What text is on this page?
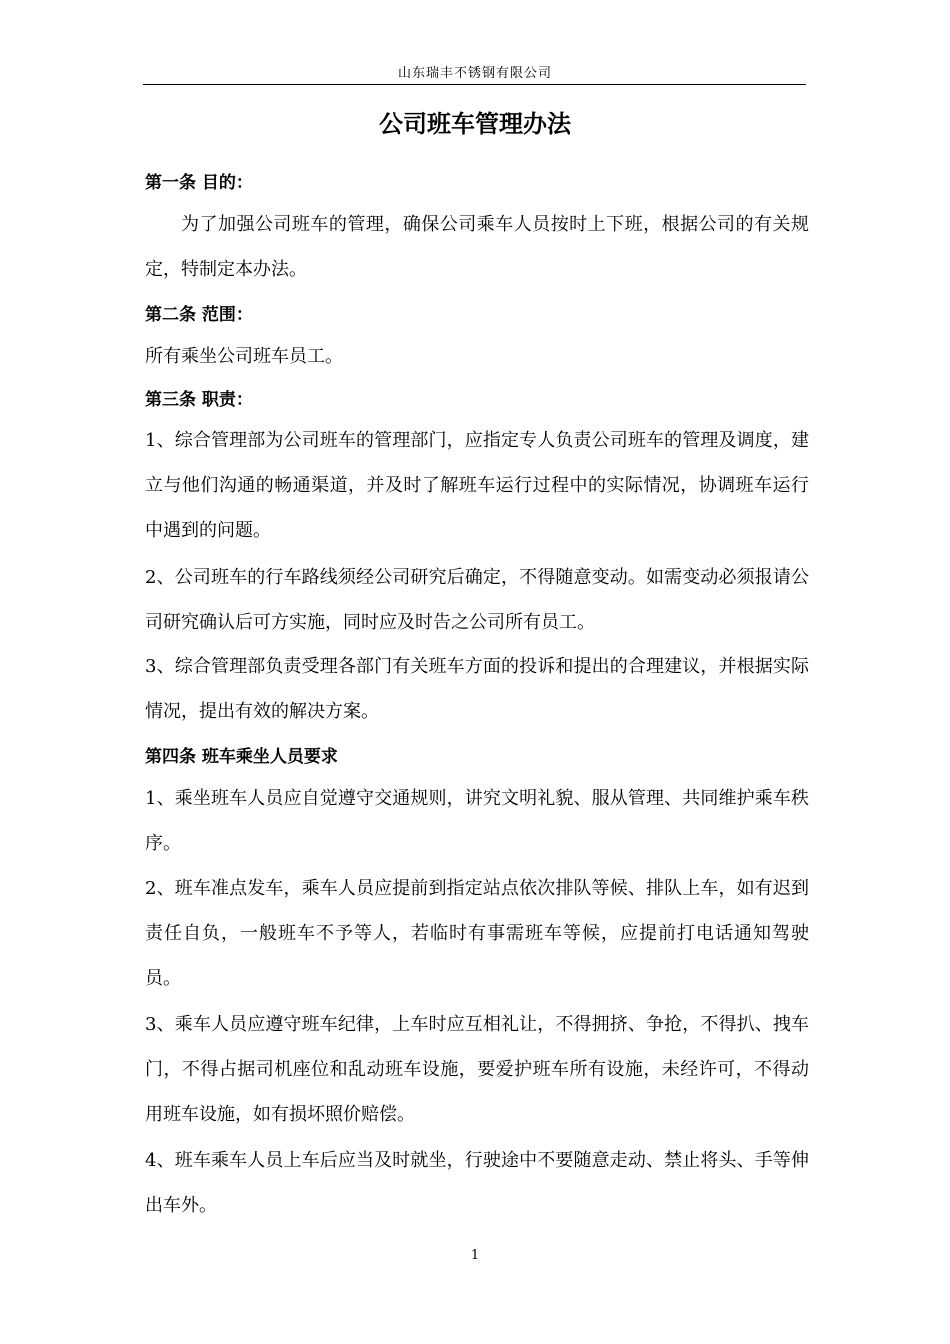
山东瑞丰不锈钢有限公司
公司班车管理办法
第一条 目的：

为了加强公司班车的管理，确保公司乘车人员按时上下班，根据公司的有关规定，特制定本办法。

第二条 范围：

所有乘坐公司班车员工。

第三条 职责：

1、综合管理部为公司班车的管理部门，应指定专人负责公司班车的管理及调度，建立与他们沟通的畅通渠道，并及时了解班车运行过程中的实际情况，协调班车运行中遇到的问题。

2、公司班车的行车路线须经公司研究后确定，不得随意变动。如需变动必须报请公司研究确认后可方实施，同时应及时告之公司所有员工。

3、综合管理部负责受理各部门有关班车方面的投诉和提出的合理建议，并根据实际情况，提出有效的解决方案。

第四条 班车乘坐人员要求

1、乘坐班车人员应自觉遵守交通规则，讲究文明礼貌、服从管理、共同维护乘车秩序。

2、班车准点发车，乘车人员应提前到指定站点依次排队等候、排队上车，如有迟到责任自负，一般班车不予等人，若临时有事需班车等候，应提前打电话通知驾驶员。

3、乘车人员应遵守班车纪律，上车时应互相礼让，不得拥挤、争抢，不得扒、拽车门，不得占据司机座位和乱动班车设施，要爱护班车所有设施，未经许可，不得动用班车设施，如有损坏照价赔偿。

4、班车乘车人员上车后应当及时就坐，行驶途中不要随意走动、禁止将头、手等伸出车外。

1
